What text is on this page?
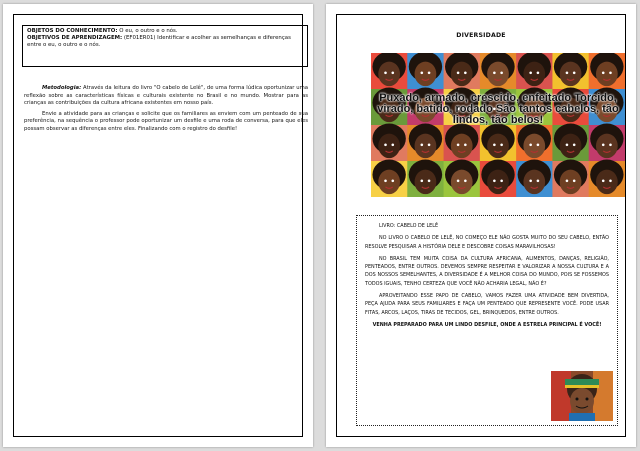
OBJETOS DO CONHECIMENTO: O eu, o outro e o nós.
OBJETIVOS DE APRENDIZAGEM: (EF01ER01) Identificar e acolher as semelhanças e diferenças entre o eu, o outro e o nós.

Metodologia: Através da leitura do livro "O cabelo de Lelê", de uma forma lúdica oportunizar uma reflexão sobre as características físicas e culturais existente no Brasil e no mundo. Mostrar para as crianças as contribuições da cultura africana existentes em nosso país.

Envie a atividade para as crianças e solicite que os familiares as enviem com um penteado de sua preferência, na sequência o professor pode oportunizar um desfile e uma roda de conversa, para que eles possam observar as diferenças entre eles. Finalizando com o registro do desfile!

DIVERSIDADE
Puxado, armado, crescido, enfeitado Torcido, virado, batido, rodado São tantos cabelos, tão lindos, tão belos!

LIVRO: CABELO DE LELÊ

NO LIVRO O CABELO DE LELÊ, NO COMEÇO ELE NÃO GOSTA MUITO DO SEU CABELO, ENTÃO RESOLVE PESQUISAR A HISTÓRIA DELE E DESCOBRE COISAS MARAVILHOSAS!

NO BRASIL TEM MUITA COISA DA CULTURA AFRICANA, ALIMENTOS, DANÇAS, RELIGIÃO, PENTEADOS, ENTRE OUTROS. DEVEMOS SEMPRE RESPEITAR E VALORIZAR A NOSSA CULTURA E A DOS NOSSOS SEMELHANTES, A DIVERSIDADE É A MELHOR COISA DO MUNDO, POIS SE FOSSEMOS TODOS IGUAIS, TENHO CERTEZA QUE VOCÊ NÃO ACHARIA LEGAL, NÃO É?

APROVEITANDO ESSE PAPO DE CABELO, VAMOS FAZER UMA ATIVIDADE BEM DIVERTIDA, PEÇA AJUDA PARA SEUS FAMILIARES E FAÇA UM PENTEADO QUE REPRESENTE VOCÊ. PODE USAR FITAS, ARCOS, LAÇOS, TIRAS DE TECIDOS, GEL, BRINQUEDOS, ENTRE OUTROS.

VENHA PREPARADO PARA UM LINDO DESFILE, ONDE A ESTRELA PRINCIPAL É VOCÊ!
